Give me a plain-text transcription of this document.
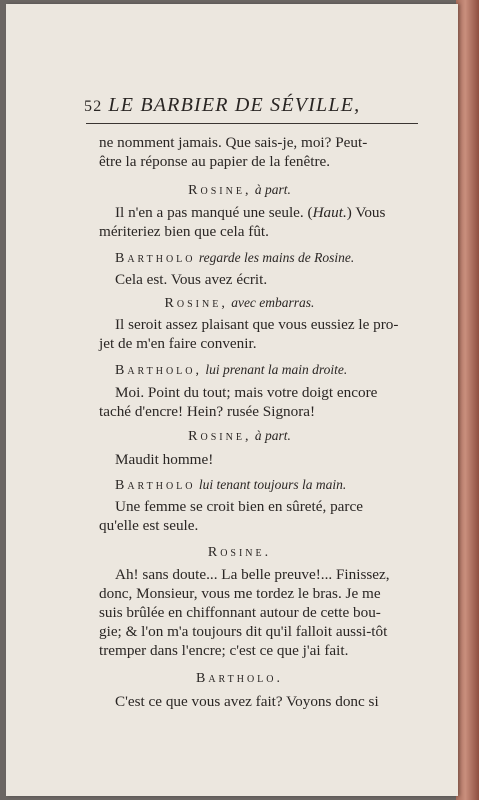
52 LE BARBIER DE SÉVILLE,
ne nomment jamais. Que sais-je, moi? Peut-
être la réponse au papier de la fenêtre.
Rosine, à part.
Il n'en a pas manqué une seule. (Haut.) Vous
mériteriez bien que cela fût.
Bartholo regarde les mains de Rosine.
Cela est. Vous avez écrit.
Rosine, avec embarras.
Il seroit assez plaisant que vous eussiez le pro-
jet de m'en faire convenir.
Bartholo, lui prenant la main droite.
Moi. Point du tout; mais votre doigt encore
taché d'encre! Hein? rusée Signora!
Rosine, à part.
Maudit homme!
Bartholo lui tenant toujours la main.
Une femme se croit bien en sûreté, parce
qu'elle est seule.
Rosine.
Ah! sans doute... La belle preuve!... Finissez,
donc, Monsieur, vous me tordez le bras. Je me
suis brûlée en chiffonnant autour de cette bou-
gie; & l'on m'a toujours dit qu'il falloit aussi-tôt
tremper dans l'encre; c'est ce que j'ai fait.
Bartholo.
C'est ce que vous avez fait? Voyons donc si
